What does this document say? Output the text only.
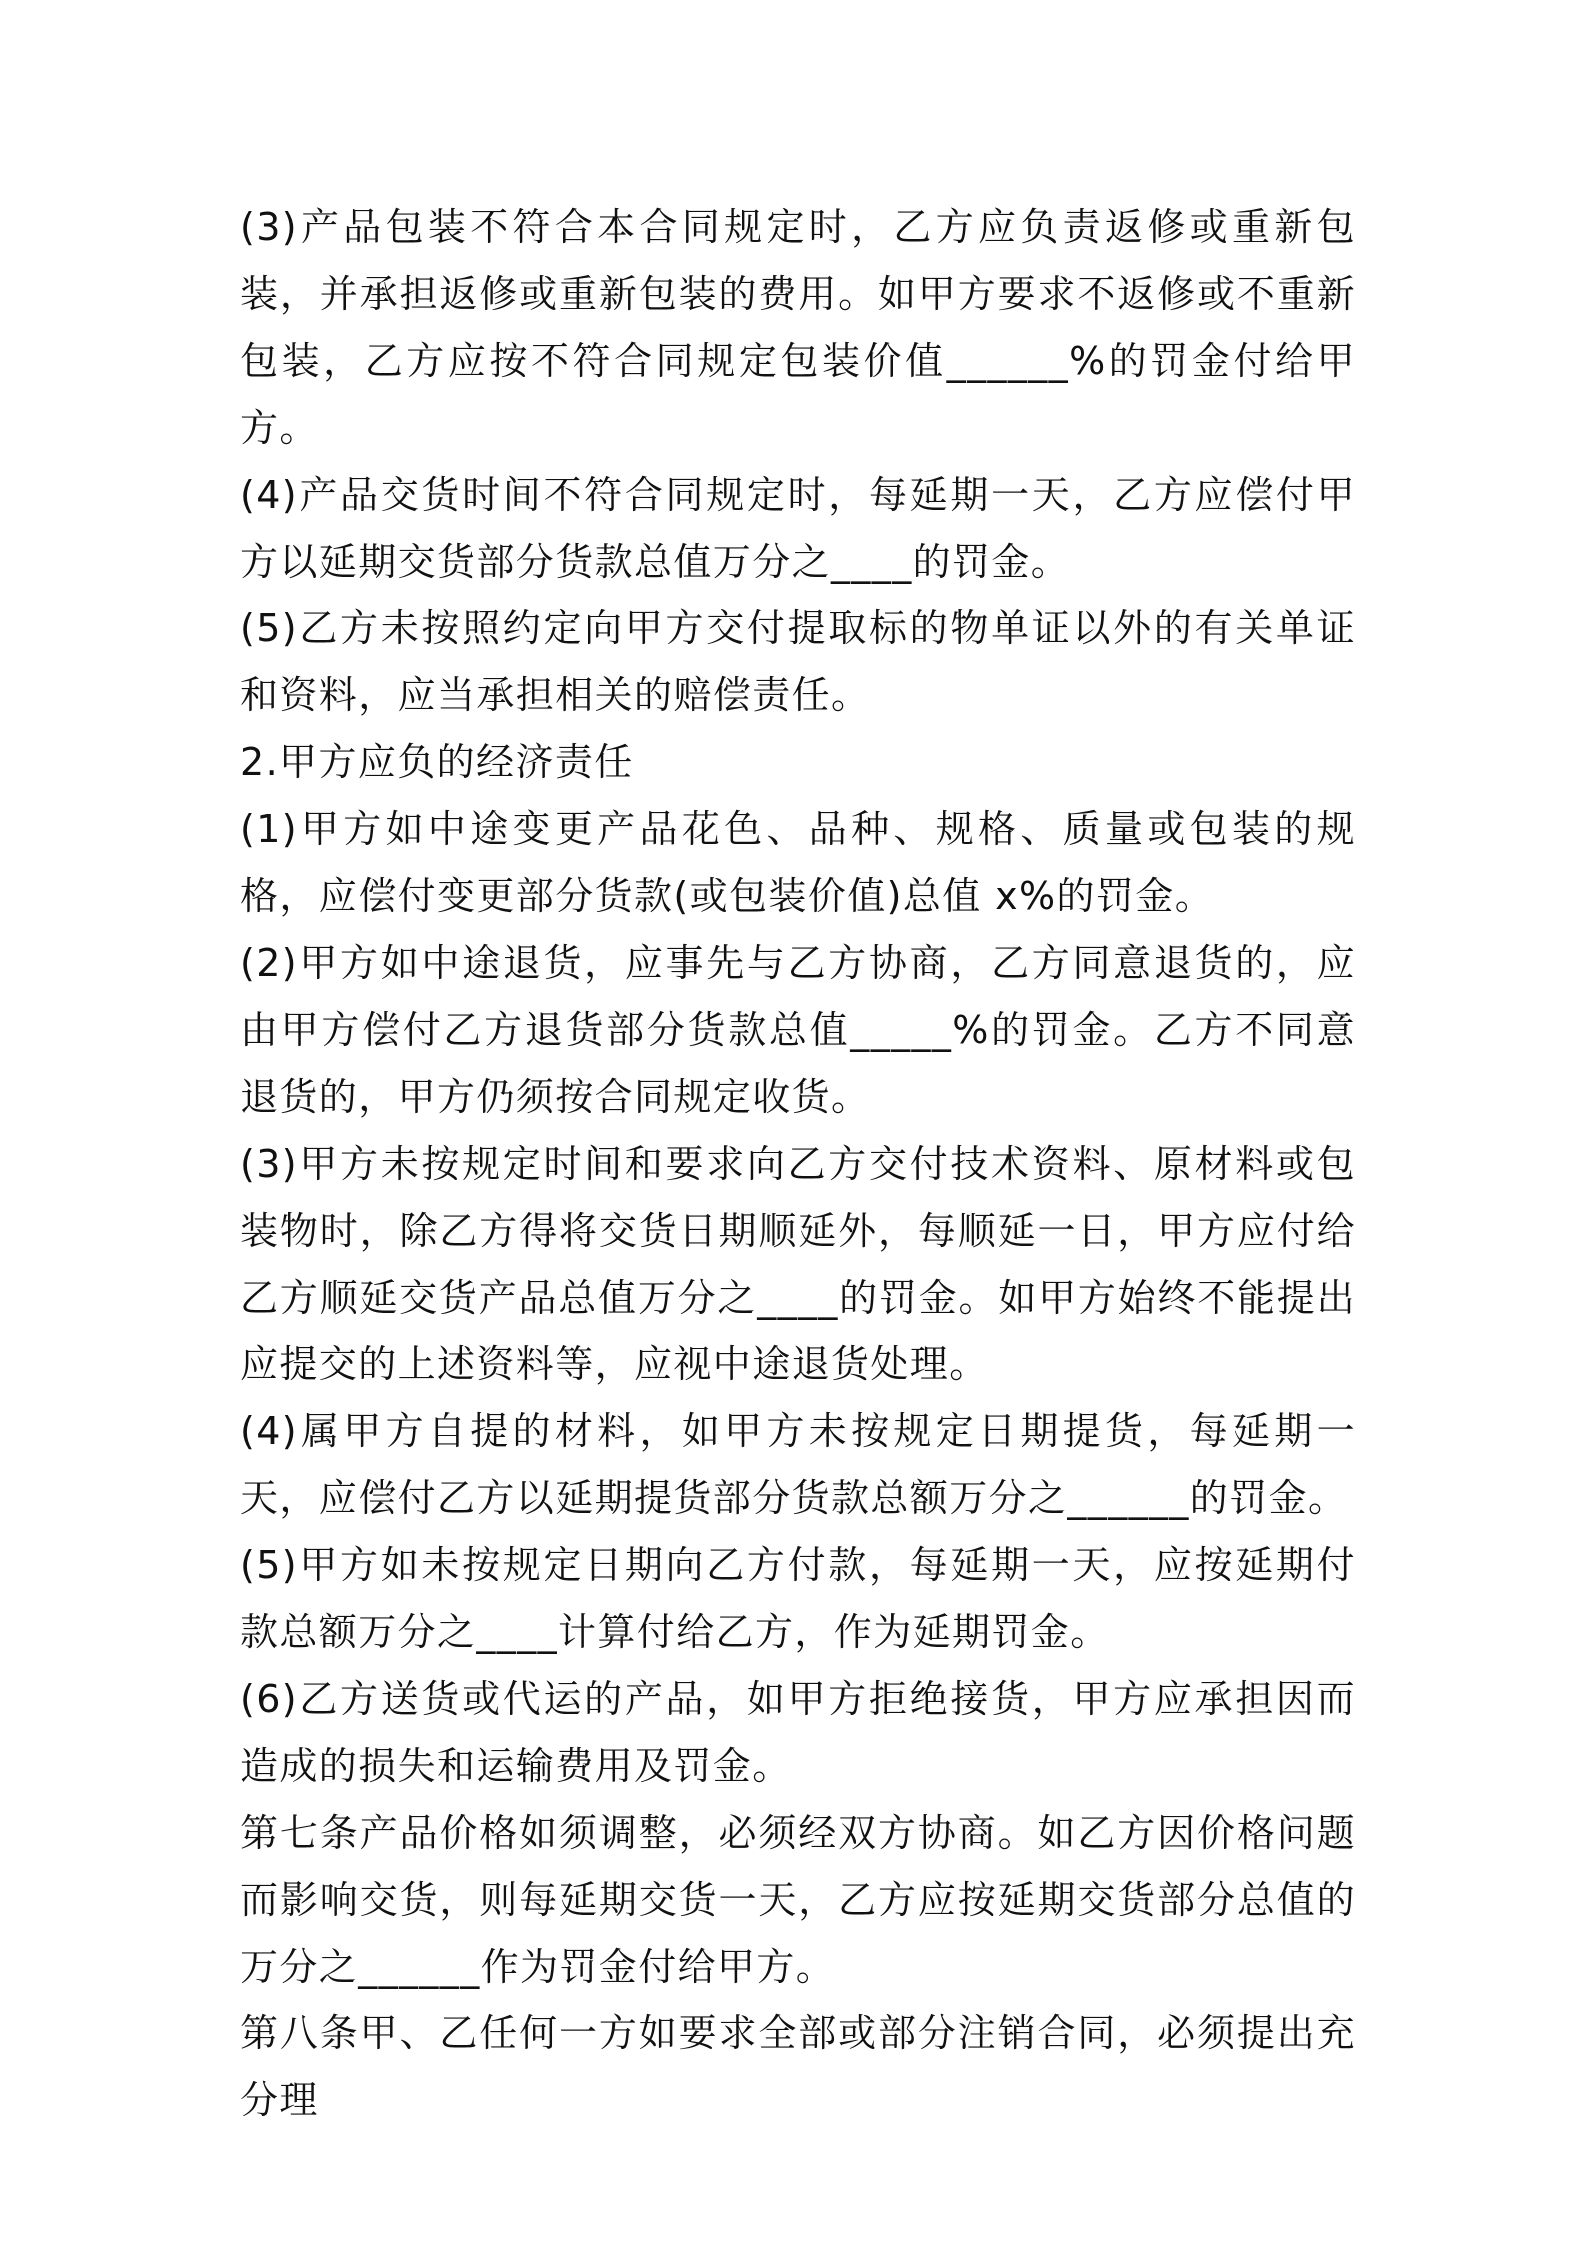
(3)产品包装不符合本合同规定时，乙方应负责返修或重新包装，并承担返修或重新包装的费用。如甲方要求不返修或不重新包装，乙方应按不符合同规定包装价值______%的罚金付给甲方。

(4)产品交货时间不符合同规定时，每延期一天，乙方应偿付甲方以延期交货部分货款总值万分之____的罚金。

(5)乙方未按照约定向甲方交付提取标的物单证以外的有关单证和资料，应当承担相关的赔偿责任。

2.甲方应负的经济责任

(1)甲方如中途变更产品花色、品种、规格、质量或包装的规格，应偿付变更部分货款(或包装价值)总值 x%的罚金。

(2)甲方如中途退货，应事先与乙方协商，乙方同意退货的，应由甲方偿付乙方退货部分货款总值_____%的罚金。乙方不同意退货的，甲方仍须按合同规定收货。

(3)甲方未按规定时间和要求向乙方交付技术资料、原材料或包装物时，除乙方得将交货日期顺延外，每顺延一日，甲方应付给乙方顺延交货产品总值万分之____的罚金。如甲方始终不能提出应提交的上述资料等，应视中途退货处理。

(4)属甲方自提的材料，如甲方未按规定日期提货，每延期一天，应偿付乙方以延期提货部分货款总额万分之______的罚金。

(5)甲方如未按规定日期向乙方付款，每延期一天，应按延期付款总额万分之____计算付给乙方，作为延期罚金。

(6)乙方送货或代运的产品，如甲方拒绝接货，甲方应承担因而造成的损失和运输费用及罚金。

第七条产品价格如须调整，必须经双方协商。如乙方因价格问题而影响交货，则每延期交货一天，乙方应按延期交货部分总值的万分之______作为罚金付给甲方。

第八条甲、乙任何一方如要求全部或部分注销合同，必须提出充分理
